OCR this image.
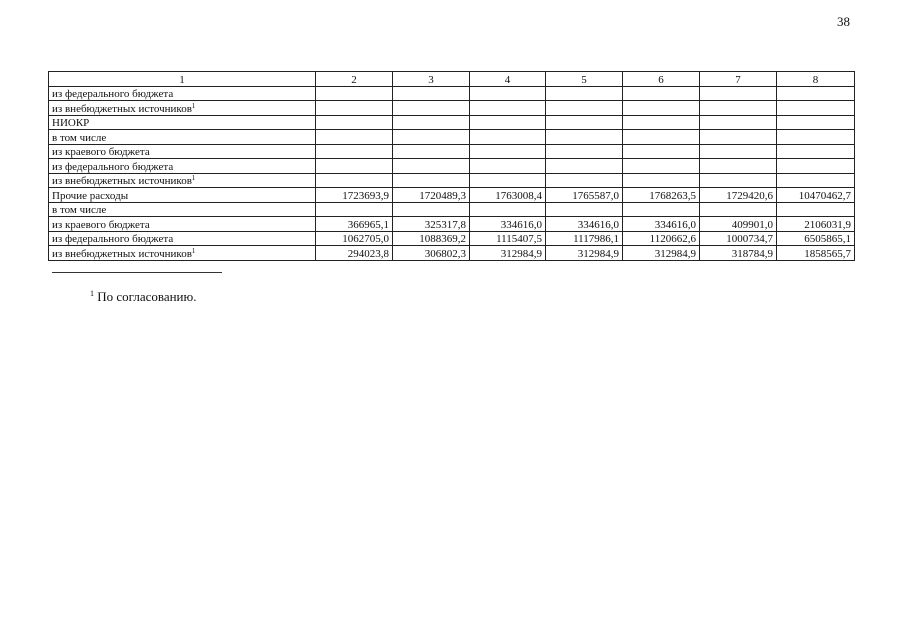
38
1	2	3	4	5	6	7	8
из федерального бюджета							
из внебюджетных источников$^1$							
НИОКР							
в том числе							
из краевого бюджета							
из федерального бюджета							
из внебюджетных источников$^1$							
Прочие расходы	1723693,9	1720489,3	1763008,4	1765587,0	1768263,5	1729420,6	10470462,7
в том числе							
из краевого бюджета	366965,1	325317,8	334616,0	334616,0	334616,0	409901,0	2106031,9
из федерального бюджета	1062705,0	1088369,2	1115407,5	1117986,1	1120662,6	1000734,7	6505865,1
из внебюджетных источников$^1$	294023,8	306802,3	312984,9	312984,9	312984,9	318784,9	1858565,7
$^1$ По согласованию.
